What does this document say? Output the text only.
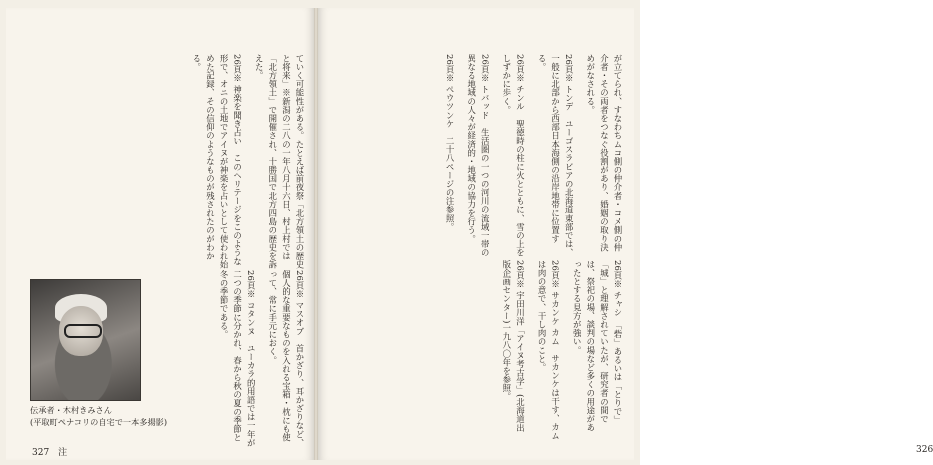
ていく可能性がある。たとえば前夜祭「北方領土の歴史と将来」※新潟の二八の一年八月十六日、村上村では「北方領土」で開催され、十勝国で北方四島の歴史を訴えた。

26頁※ 神楽を聞き占い　このヘリテージをこのような形で、オニの土地でアイヌが神楽を占いとして使われ始めた記録、その信仰のようなものが残されたのがわかる。

26頁※ マスオブ　首かざり、耳かざりなど、個人的な重要なものを入れる宝箱・枕にも使って、常に手元におく。

26頁※ コタンヌ　ユーカラ的用語では一年が二つの季節に分かれ、春から秋の夏の季節と冬の季節である。

伝承者・木村きみさん
(平取町ペナコリの自宅で一本多揚影)
327　注

が立てられ、すなわちムコ側の仲介者・コメ側の仲介者・その両者をつなぐ役割があり、婚姻の取り決めがなされる。

26頁※ トンデ　ユーゴスラビアの北海道東部では、一般に北部から西部日本海側の沿岸地帯に位置する。

26頁※ チンル　聖徳時の柱に火とともに、雪の上をしずかに歩く。

26頁※ トバッド　生活圏の一つの河川の流域一帯の異なる地域の人々が経済的・地域の協力を行う。

26頁※ ペウツンケ　二十八ページの注参照。

26頁※ チャシ　「砦」あるいは「とりで」「城」と理解されていたが、研究者の間では、祭祀の場、談判の場など多くの用途があったとする見方が強い。

26頁※ サカンケ カム　サカンケは干す、カムは肉の意で、干し肉のこと。

26頁※ 宇田川洋「アイヌ考古学」(北海道出版企画センター)一九八〇年を参照。

326
